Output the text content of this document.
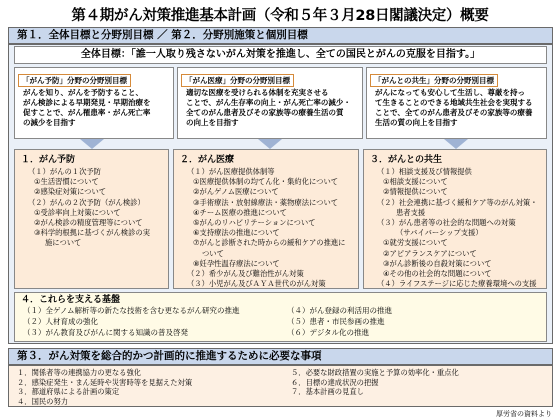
第４期がん対策推進基本計画（令和５年３月28日閣議決定）概要
第１．全体目標と分野別目標 ／ 第２．分野別施策と個別目標
全体目標：「誰一人取り残さないがん対策を推進し、全ての国民とがんの克服を目指す。」
「がん予防」分野の分野別目標
がんを知り、がんを予防すること、
がん検診による早期発見・早期治療を
促すことで、がん罹患率・がん死亡率
の減少を目指す
「がん医療」分野の分野別目標
適切な医療を受けられる体制を充実させる
ことで、がん生存率の向上・がん死亡率の減少・
全てのがん患者及びその家族等の療養生活の質
の向上を目指す
「がんとの共生」分野の分野別目標
がんになっても安心して生活し、尊厳を持っ
て生きることのできる地域共生社会を実現する
ことで、全てのがん患者及びその家族等の療養
生活の質の向上を目指す
１．がん予防
（１）がんの１次予防
①生活習慣について
②感染症対策について
（２）がんの２次予防（がん検診）
①受診率向上対策について
②がん検診の精度管理等について
③科学的根拠に基づくがん検診の実
施について
２．がん医療
（１）がん医療提供体制等
①医療提供体制の均てん化・集約化について
②がんゲノム医療について
③手術療法・放射線療法・薬物療法について
④チーム医療の推進について
⑤がんのリハビリテーションについて
⑥支持療法の推進について
⑦がんと診断された時からの緩和ケアの推進に
ついて
⑧妊孕性温存療法について
（２）希少がん及び難治性がん対策
（３）小児がん及びＡＹＡ世代のがん対策
３．がんとの共生
（１）相談支援及び情報提供
①相談支援について
②情報提供について
（２）社会連携に基づく緩和ケア等のがん対策・
患者支援
（３）がん患者等の社会的な問題への対策
（サバイバーシップ支援）
①就労支援について
②アピアランスケアについて
③がん診断後の自殺対策について
④その他の社会的な問題について
（４）ライフステージに応じた療養環境への支援
４．これらを支える基盤
（１）全ゲノム解析等の新たな技術を含む更なるがん研究の推進
（２）人材育成の強化
（３）がん教育及びがんに関する知識の普及啓発
（４）がん登録の利活用の推進
（５）患者・市民参画の推進
（６）デジタル化の推進
第３．がん対策を総合的かつ計画的に推進するために必要な事項
１．関係者等の連携協力の更なる強化
２．感染症発生・まん延時や災害時等を見据えた対策
３．都道府県による計画の策定
４．国民の努力
５．必要な財政措置の実施と予算の効率化・重点化
６．目標の達成状況の把握
７．基本計画の見直し
厚労省の資料より
